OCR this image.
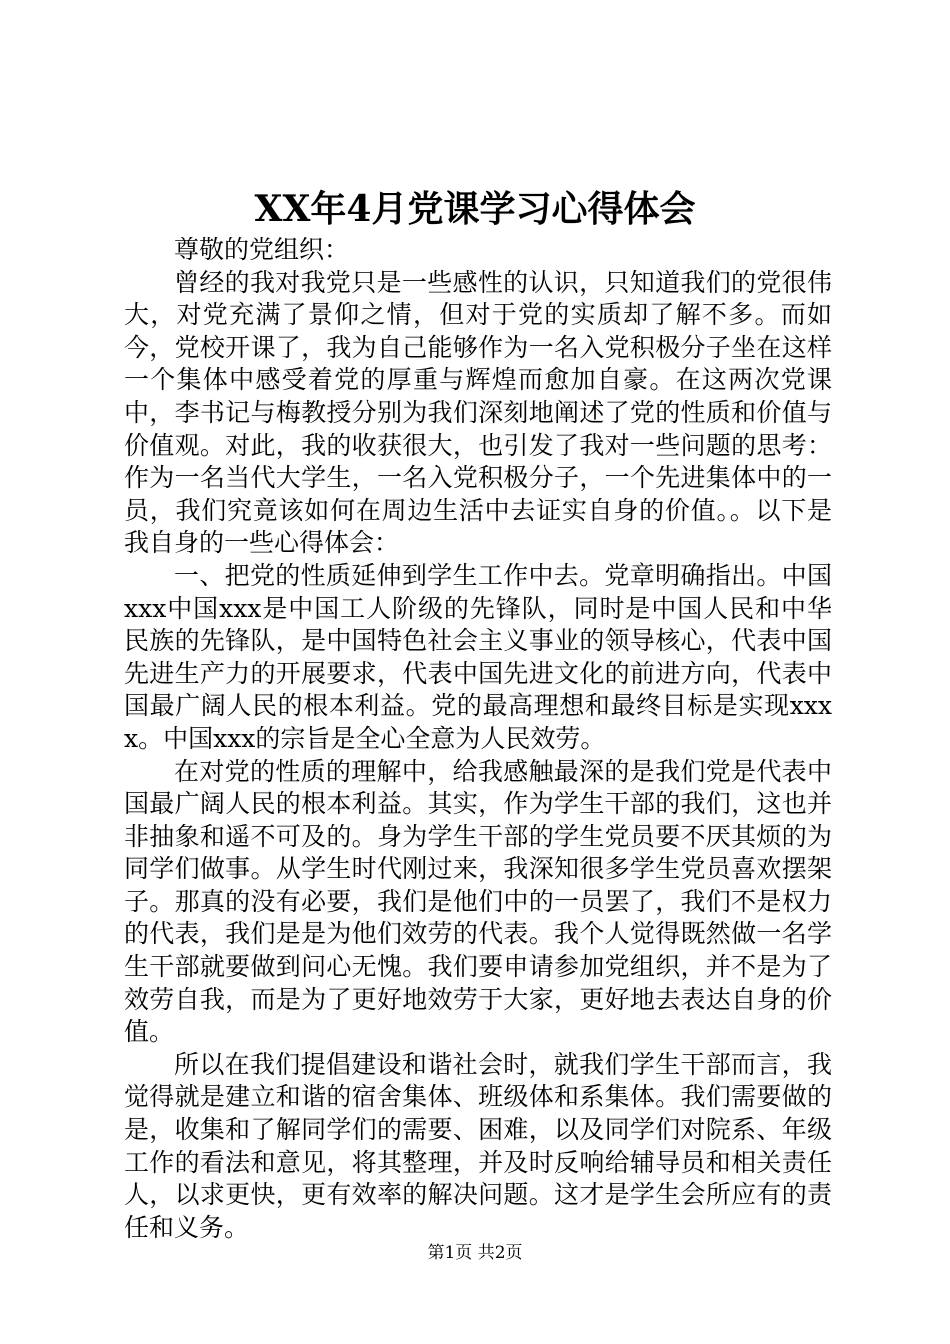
XX年4月党课学习心得体会

尊敬的党组织：

曾经的我对我党只是一些感性的认识，只知道我们的党很伟大，对党充满了景仰之情，但对于党的实质却了解不多。而如今，党校开课了，我为自己能够作为一名入党积极分子坐在这样一个集体中感受着党的厚重与辉煌而愈加自豪。在这两次党课中，李书记与梅教授分别为我们深刻地阐述了党的性质和价值与价值观。对此，我的收获很大，也引发了我对一些问题的思考：作为一名当代大学生，一名入党积极分子，一个先进集体中的一员，我们究竟该如何在周边生活中去证实自身的价值。。以下是我自身的一些心得体会：

一、把党的性质延伸到学生工作中去。党章明确指出。中国xxx中国xxx是中国工人阶级的先锋队，同时是中国人民和中华民族的先锋队，是中国特色社会主义事业的领导核心，代表中国先进生产力的开展要求，代表中国先进文化的前进方向，代表中国最广阔人民的根本利益。党的最高理想和最终目标是实现xxxx。中国xxx的宗旨是全心全意为人民效劳。

在对党的性质的理解中，给我感触最深的是我们党是代表中国最广阔人民的根本利益。其实，作为学生干部的我们，这也并非抽象和遥不可及的。身为学生干部的学生党员要不厌其烦的为同学们做事。从学生时代刚过来，我深知很多学生党员喜欢摆架子。那真的没有必要，我们是他们中的一员罢了，我们不是权力的代表，我们是是为他们效劳的代表。我个人觉得既然做一名学生干部就要做到问心无愧。我们要申请参加党组织，并不是为了效劳自我，而是为了更好地效劳于大家，更好地去表达自身的价值。

所以在我们提倡建设和谐社会时，就我们学生干部而言，我觉得就是建立和谐的宿舍集体、班级体和系集体。我们需要做的是，收集和了解同学们的需要、困难，以及同学们对院系、年级工作的看法和意见，将其整理，并及时反响给辅导员和相关责任人，以求更快，更有效率的解决问题。这才是学生会所应有的责任和义务。

第1页 共2页
